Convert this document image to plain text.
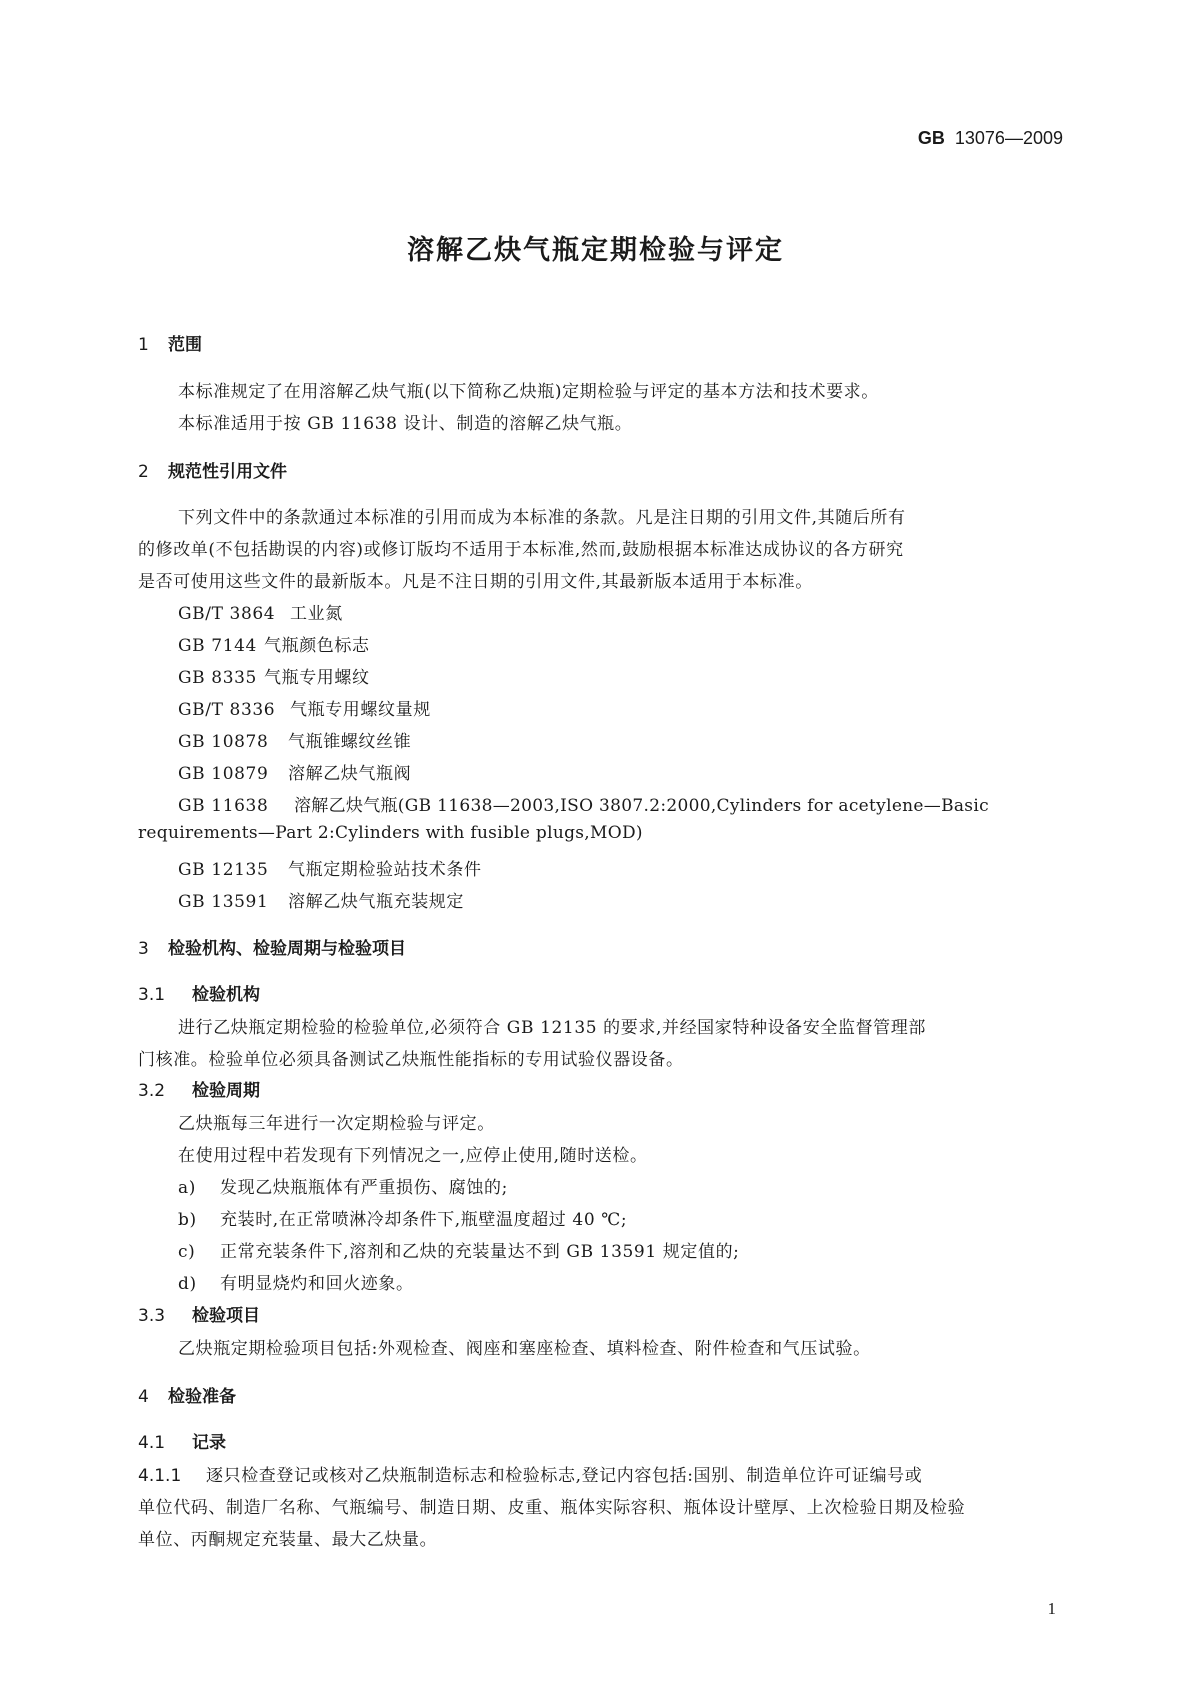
GB 13076—2009
溶解乙炔气瓶定期检验与评定
1 范围
本标准规定了在用溶解乙炔气瓶(以下简称乙炔瓶)定期检验与评定的基本方法和技术要求。
本标准适用于按 GB 11638 设计、制造的溶解乙炔气瓶。
2 规范性引用文件
下列文件中的条款通过本标准的引用而成为本标准的条款。凡是注日期的引用文件,其随后所有
的修改单(不包括勘误的内容)或修订版均不适用于本标准,然而,鼓励根据本标准达成协议的各方研究
是否可使用这些文件的最新版本。凡是不注日期的引用文件,其最新版本适用于本标准。
GB/T 3864 工业氮
GB 7144 气瓶颜色标志
GB 8335 气瓶专用螺纹
GB/T 8336 气瓶专用螺纹量规
GB 10878 气瓶锥螺纹丝锥
GB 10879 溶解乙炔气瓶阀
GB 11638 溶解乙炔气瓶(GB 11638—2003,ISO 3807.2:2000,Cylinders for acetylene—Basic
requirements—Part 2:Cylinders with fusible plugs,MOD)
GB 12135 气瓶定期检验站技术条件
GB 13591 溶解乙炔气瓶充装规定
3 检验机构、检验周期与检验项目
3.1 检验机构
进行乙炔瓶定期检验的检验单位,必须符合 GB 12135 的要求,并经国家特种设备安全监督管理部
门核准。检验单位必须具备测试乙炔瓶性能指标的专用试验仪器设备。
3.2 检验周期
乙炔瓶每三年进行一次定期检验与评定。
在使用过程中若发现有下列情况之一,应停止使用,随时送检。
a) 发现乙炔瓶瓶体有严重损伤、腐蚀的;
b) 充装时,在正常喷淋冷却条件下,瓶壁温度超过 40 ℃;
c) 正常充装条件下,溶剂和乙炔的充装量达不到 GB 13591 规定值的;
d) 有明显烧灼和回火迹象。
3.3 检验项目
乙炔瓶定期检验项目包括:外观检查、阀座和塞座检查、填料检查、附件检查和气压试验。
4 检验准备
4.1 记录
4.1.1 逐只检查登记或核对乙炔瓶制造标志和检验标志,登记内容包括:国别、制造单位许可证编号或
单位代码、制造厂名称、气瓶编号、制造日期、皮重、瓶体实际容积、瓶体设计壁厚、上次检验日期及检验
单位、丙酮规定充装量、最大乙炔量。
1
